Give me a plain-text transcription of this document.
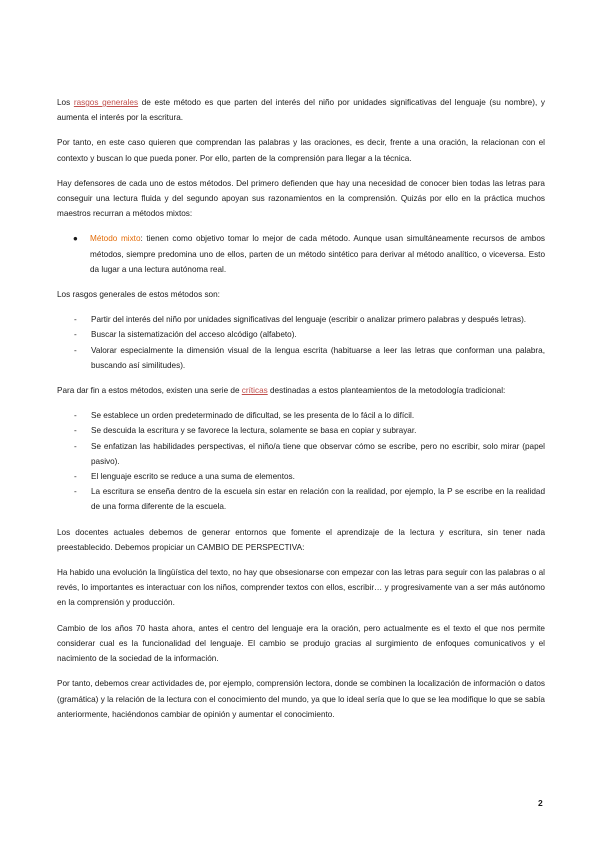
Los rasgos generales de este método es que parten del interés del niño por unidades significativas del lenguaje (su nombre), y aumenta el interés por la escritura.

Por tanto, en este caso quieren que comprendan las palabras y las oraciones, es decir, frente a una oración, la relacionan con el contexto y buscan lo que pueda poner. Por ello, parten de la comprensión para llegar a la técnica.

Hay defensores de cada uno de estos métodos. Del primero defienden que hay una necesidad de conocer bien todas las letras para conseguir una lectura fluida y del segundo apoyan sus razonamientos en la comprensión. Quizás por ello en la práctica muchos maestros recurran a métodos mixtos:

● Método mixto: tienen como objetivo tomar lo mejor de cada método. Aunque usan simultáneamente recursos de ambos métodos, siempre predomina uno de ellos, parten de un método sintético para derivar al método analítico, o viceversa. Esto da lugar a una lectura autónoma real.

Los rasgos generales de estos métodos son:

- Partir del interés del niño por unidades significativas del lenguaje (escribir o analizar primero palabras y después letras).
- Buscar la sistematización del acceso alcódigo (alfabeto).
- Valorar especialmente la dimensión visual de la lengua escrita (habituarse a leer las letras que conforman una palabra, buscando así similitudes).

Para dar fin a estos métodos, existen una serie de críticas destinadas a estos planteamientos de la metodología tradicional:

- Se establece un orden predeterminado de dificultad, se les presenta de lo fácil a lo difícil.
- Se descuida la escritura y se favorece la lectura, solamente se basa en copiar y subrayar.
- Se enfatizan las habilidades perspectivas, el niño/a tiene que observar cómo se escribe, pero no escribir, solo mirar (papel pasivo).
- El lenguaje escrito se reduce a una suma de elementos.
- La escritura se enseña dentro de la escuela sin estar en relación con la realidad, por ejemplo, la P se escribe en la realidad de una forma diferente de la escuela.

Los docentes actuales debemos de generar entornos que fomente el aprendizaje de la lectura y escritura, sin tener nada preestablecido. Debemos propiciar un CAMBIO DE PERSPECTIVA:

Ha habido una evolución la lingüística del texto, no hay que obsesionarse con empezar con las letras para seguir con las palabras o al revés, lo importantes es interactuar con los niños, comprender textos con ellos, escribir… y progresivamente van a ser más autónomo en la comprensión y producción.

Cambio de los años 70 hasta ahora, antes el centro del lenguaje era la oración, pero actualmente es el texto el que nos permite considerar cual es la funcionalidad del lenguaje. El cambio se produjo gracias al surgimiento de enfoques comunicativos y el nacimiento de la sociedad de la información.

Por tanto, debemos crear actividades de, por ejemplo, comprensión lectora, donde se combinen la localización de información o datos (gramática) y la relación de la lectura con el conocimiento del mundo, ya que lo ideal sería que lo que se lea modifique lo que se sabía anteriormente, haciéndonos cambiar de opinión y aumentar el conocimiento.

2
